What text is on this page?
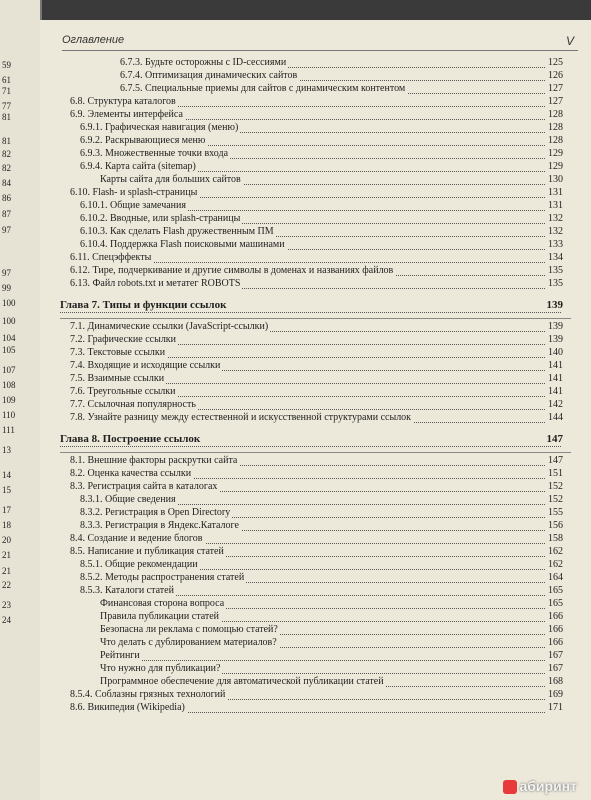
59
61
71
77
81
81
82
82
84
86
87
97
97
99
100
100
104
105
107
108
109
110
111
13
14
15
17
18
20
21
21
22
23
24
Оглавление	V
6.7.3. Будьте осторожны с ID-сессиями	125
6.7.4. Оптимизация динамических сайтов	126
6.7.5. Специальные приемы для сайтов с динамическим контентом	127
6.8. Структура каталогов	127
6.9. Элементы интерфейса	128
6.9.1. Графическая навигация (меню)	128
6.9.2. Раскрывающиеся меню	128
6.9.3. Множественные точки входа	129
6.9.4. Карта сайта (sitemap)	129
Карты сайта для больших сайтов	130
6.10. Flash- и splash-страницы	131
6.10.1. Общие замечания	131
6.10.2. Вводные, или splash-страницы	132
6.10.3. Как сделать Flash дружественным ПМ	132
6.10.4. Поддержка Flash поисковыми машинами	133
6.11. Спецэффекты	134
6.12. Тире, подчеркивание и другие символы в доменах и названиях файлов	135
6.13. Файл robots.txt и метатег ROBOTS	135
Глава 7. Типы и функции ссылок	139
7.1. Динамические ссылки (JavaScript-ссылки)	139
7.2. Графические ссылки	139
7.3. Текстовые ссылки	140
7.4. Входящие и исходящие ссылки	141
7.5. Взаимные ссылки	141
7.6. Треугольные ссылки	141
7.7. Ссылочная популярность	142
7.8. Узнайте разницу между естественной и искусственной структурами ссылок	144
Глава 8. Построение ссылок	147
8.1. Внешние факторы раскрутки сайта	147
8.2. Оценка качества ссылки	151
8.3. Регистрация сайта в каталогах	152
8.3.1. Общие сведения	152
8.3.2. Регистрация в Open Directory	155
8.3.3. Регистрация в Яндекс.Каталоге	156
8.4. Создание и ведение блогов	158
8.5. Написание и публикация статей	162
8.5.1. Общие рекомендации	162
8.5.2. Методы распространения статей	164
8.5.3. Каталоги статей	165
Финансовая сторона вопроса	165
Правила публикации статей	166
Безопасна ли реклама с помощью статей?	166
Что делать с дублированием материалов?	166
Рейтинги	167
Что нужно для публикации?	167
Программное обеспечение для автоматической публикации статей	168
8.5.4. Соблазны грязных технологий	169
8.6. Википедия (Wikipedia)	171
абиринт
